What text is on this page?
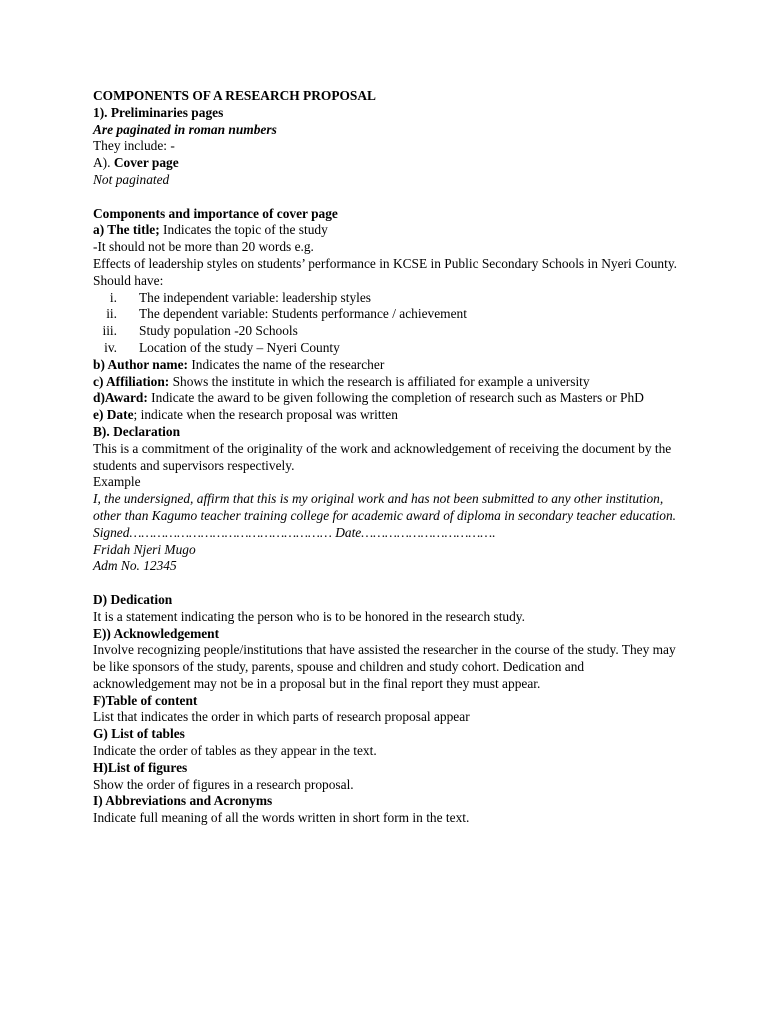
COMPONENTS OF A RESEARCH PROPOSAL
1). Preliminaries pages
Are paginated in roman numbers
They include: -
A). Cover page
Not paginated
Components and importance of cover page
a) The title; Indicates the topic of the study
-It should not be more than 20 words e.g.
Effects of leadership styles on students’ performance in KCSE in Public Secondary Schools in Nyeri County.
Should have:
i. The independent variable: leadership styles
ii. The dependent variable: Students performance / achievement
iii. Study population -20 Schools
iv. Location of the study – Nyeri County
b) Author name: Indicates the name of the researcher
c) Affiliation: Shows the institute in which the research is affiliated for example a university
d)Award: Indicate the award to be given following the completion of research such as Masters or PhD
e) Date; indicate when the research proposal was written
B). Declaration
This is a commitment of the originality of the work and acknowledgement of receiving the document by the students and supervisors respectively.
Example
I, the undersigned, affirm that this is my original work and has not been submitted to any other institution, other than Kagumo teacher training college for academic award of diploma in secondary teacher education.
Signed…………………………………………… Date…………………………….
Fridah Njeri Mugo
Adm No. 12345
D) Dedication
It is a statement indicating the person who is to be honored in the research study.
E)) Acknowledgement
Involve recognizing people/institutions that have assisted the researcher in the course of the study. They may be like sponsors of the study, parents, spouse and children and study cohort. Dedication and acknowledgement may not be in a proposal but in the final report they must appear.
F)Table of content
List that indicates the order in which parts of research proposal appear
G) List of tables
Indicate the order of tables as they appear in the text.
H)List of figures
Show the order of figures in a research proposal.
I) Abbreviations and Acronyms
Indicate full meaning of all the words written in short form in the text.
